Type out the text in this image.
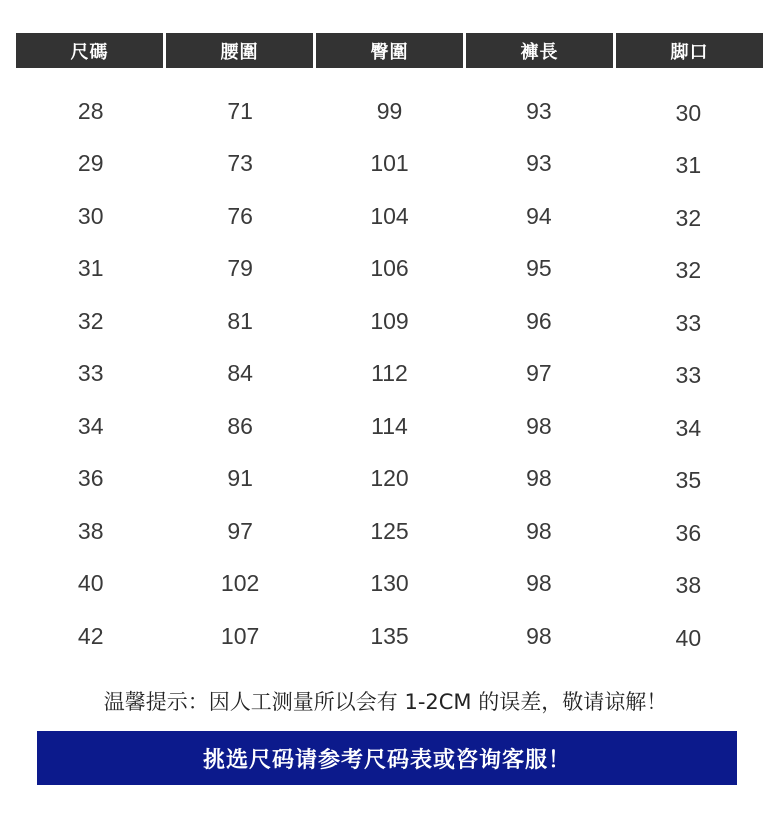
尺碼	腰圍	臀圍	褲長	脚口
28	71	99	93	30
29	73	101	93	31
30	76	104	94	32
31	79	106	95	32
32	81	109	96	33
33	84	112	97	33
34	86	114	98	34
36	91	120	98	35
38	97	125	98	36
40	102	130	98	38
42	107	135	98	40
温馨提示：因人工测量所以会有 1-2CM 的误差，敬请谅解！
挑选尺码请参考尺码表或咨询客服！
